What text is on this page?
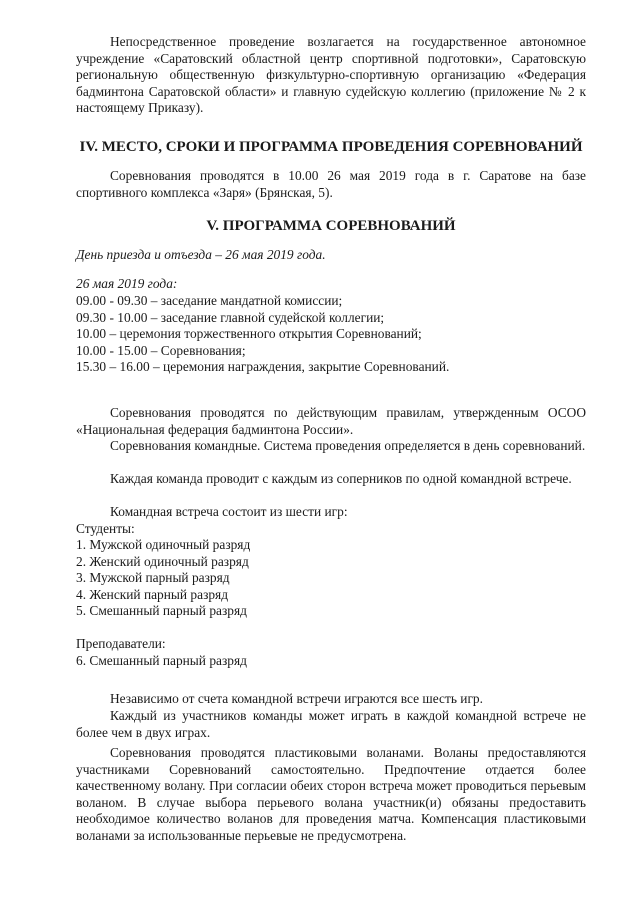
Непосредственное проведение возлагается на государственное автономное учреждение «Саратовский областной центр спортивной подготовки», Саратовскую региональную общественную физкультурно-спортивную организацию «Федерация бадминтона Саратовской области» и главную судейскую коллегию (приложение № 2 к настоящему Приказу).

IV. МЕСТО, СРОКИ И ПРОГРАММА ПРОВЕДЕНИЯ СОРЕВНОВАНИЙ

Соревнования проводятся в 10.00 26 мая 2019 года в г. Саратове на базе спортивного комплекса «Заря» (Брянская, 5).

V. ПРОГРАММА СОРЕВНОВАНИЙ

День приезда и отъезда – 26 мая 2019 года.

26 мая 2019 года:

09.00 - 09.30 – заседание мандатной комиссии;

09.30 - 10.00 – заседание главной судейской коллегии;

10.00 – церемония торжественного открытия Соревнований;

10.00 - 15.00 – Соревнования;

15.30 – 16.00 – церемония награждения, закрытие Соревнований.

Соревнования проводятся по действующим правилам, утвержденным ОСОО «Национальная федерация бадминтона России».

Соревнования командные. Система проведения определяется в день соревнований.

Каждая команда проводит с каждым из соперников по одной командной встрече.

Командная встреча состоит из шести игр:

Студенты:

1. Мужской одиночный разряд

2. Женский одиночный разряд

3. Мужской парный разряд

4. Женский парный разряд

5. Смешанный парный разряд

Преподаватели:

6. Смешанный парный разряд

Независимо от счета командной встречи играются все шесть игр.

Каждый из участников команды может играть в каждой командной встрече не более чем в двух играх.

Соревнования проводятся пластиковыми воланами. Воланы предоставляются участниками Соревнований самостоятельно. Предпочтение отдается более качественному волану. При согласии обеих сторон встреча может проводиться перьевым воланом. В случае выбора перьевого волана участник(и) обязаны предоставить необходимое количество воланов для проведения матча. Компенсация пластиковыми воланами за использованные перьевые не предусмотрена.
